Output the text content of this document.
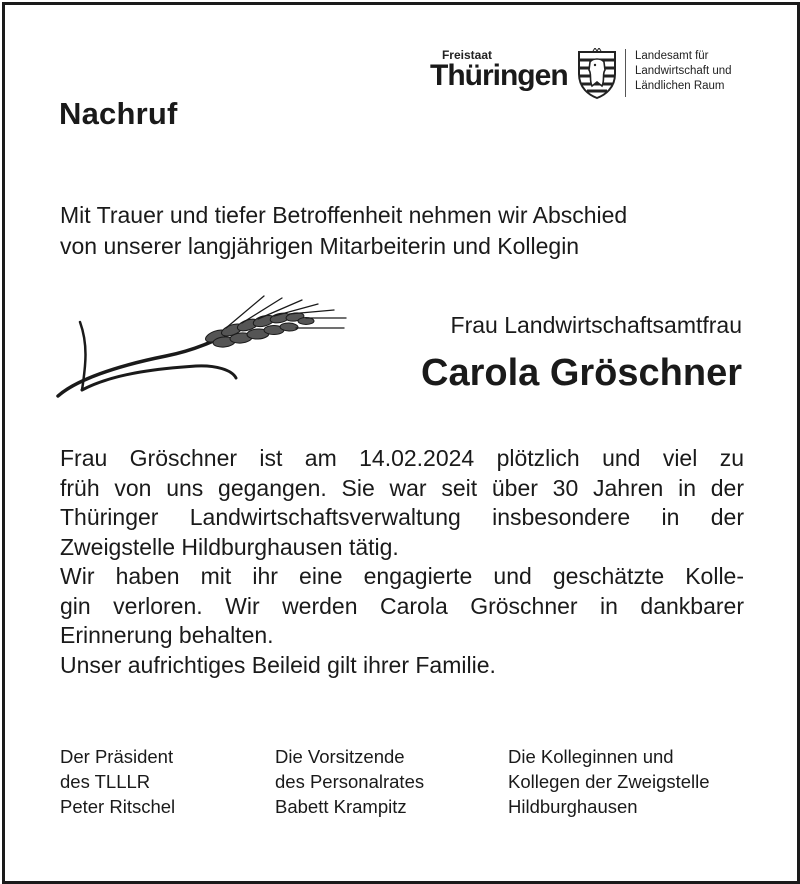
Nachruf
Freistaat
Thüringen
Landesamt für
Landwirtschaft und
Ländlichen Raum
Mit Trauer und tiefer Betroffenheit nehmen wir Abschied
von unserer langjährigen Mitarbeiterin und Kollegin
Frau Landwirtschaftsamtfrau
Carola Gröschner
Frau Gröschner ist am 14.02.2024 plötzlich und viel zu
früh von uns gegangen. Sie war seit über 30 Jahren in der
Thüringer Landwirtschaftsverwaltung insbesondere in der
Zweigstelle Hildburghausen tätig.
Wir haben mit ihr eine engagierte und geschätzte Kolle-
gin verloren. Wir werden Carola Gröschner in dankbarer
Erinnerung behalten.
Unser aufrichtiges Beileid gilt ihrer Familie.
Der Präsident
des TLLLR
Peter Ritschel
Die Vorsitzende
des Personalrates
Babett Krampitz
Die Kolleginnen und
Kollegen der Zweigstelle
Hildburghausen
